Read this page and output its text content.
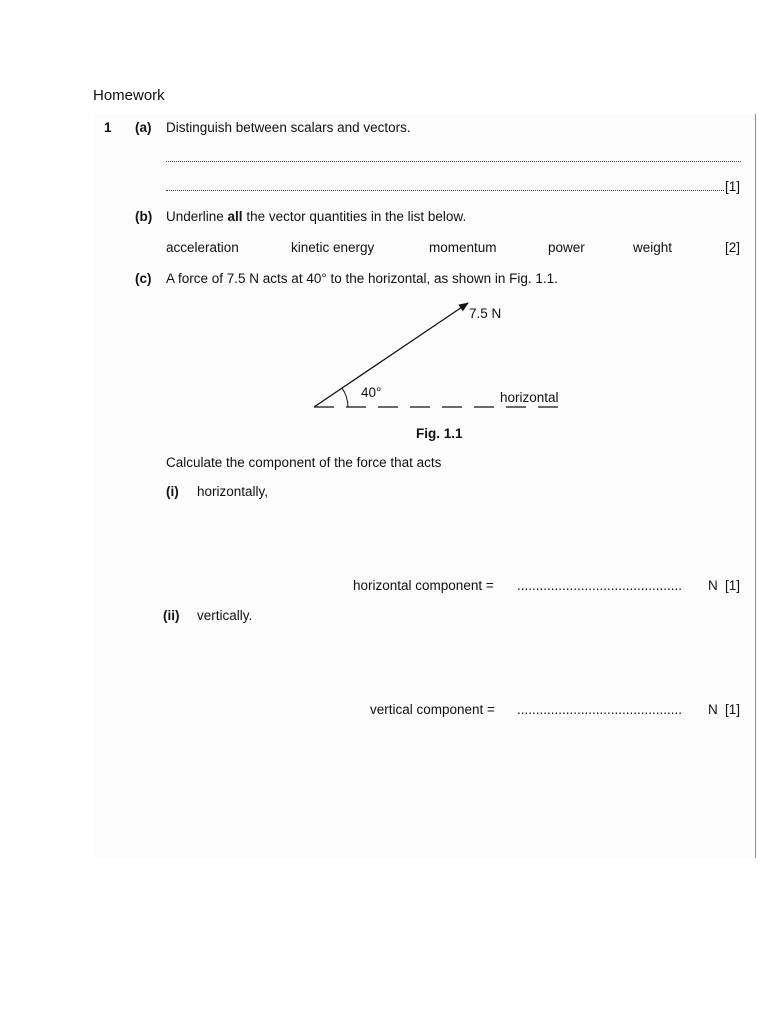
Homework
1 (a) Distinguish between scalars and vectors.
[1]
(b) Underline all the vector quantities in the list below.
acceleration	kinetic energy	momentum	power	weight	[2]
(c) A force of 7.5 N acts at 40° to the horizontal, as shown in Fig. 1.1.
7.5 N
40°	horizontal
Fig. 1.1
Calculate the component of the force that acts
(i) horizontally,
horizontal component = ............................................ N [1]
(ii) vertically.
vertical component = ............................................ N [1]
